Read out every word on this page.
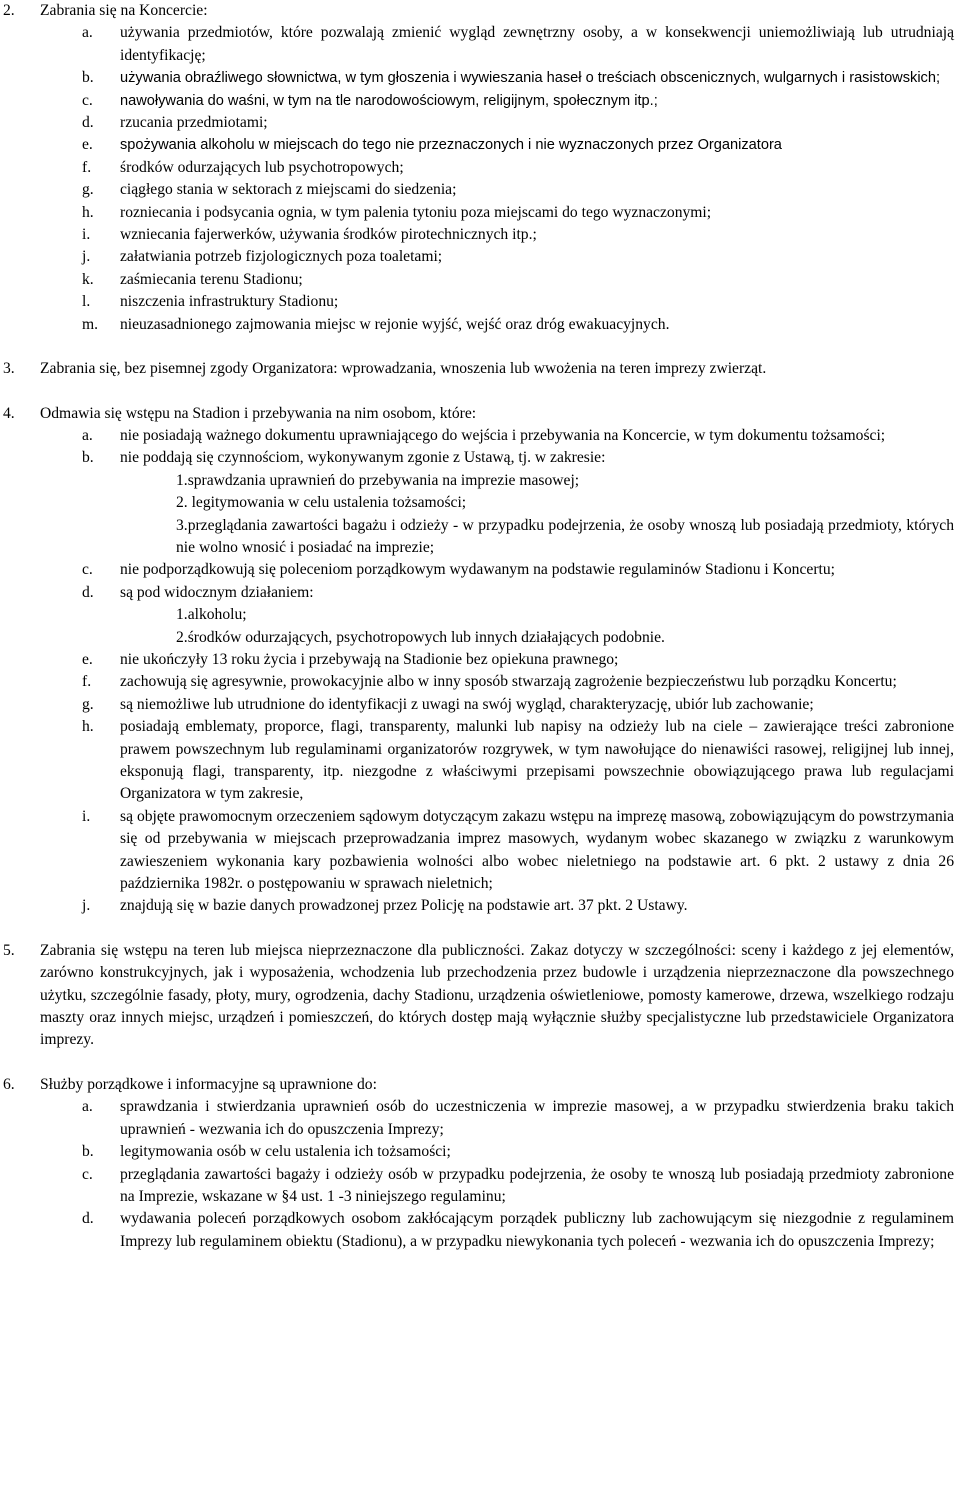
2. Zabrania się na Koncercie:
a. używania przedmiotów, które pozwalają zmienić wygląd zewnętrzny osoby, a w konsekwencji uniemożliwiają lub utrudniają identyfikację;
b. używania obraźliwego słownictwa, w tym głoszenia i wywieszania haseł o treściach obscenicznych, wulgarnych i rasistowskich;
c. nawoływania do waśni, w tym na tle narodowościowym, religijnym, społecznym itp.;
d. rzucania przedmiotami;
e. spożywania alkoholu w miejscach do tego nie przeznaczonych i nie wyznaczonych przez Organizatora
f. środków odurzających lub psychotropowych;
g. ciągłego stania w sektorach z miejscami do siedzenia;
h. rozniecania i podsycania ognia, w tym palenia tytoniu poza miejscami do tego wyznaczonymi;
i. wzniecania fajerwerków, używania środków pirotechnicznych itp.;
j. załatwiania potrzeb fizjologicznych poza toaletami;
k. zaśmiecania terenu Stadionu;
l. niszczenia infrastruktury Stadionu;
m. nieuzasadnionego zajmowania miejsc w rejonie wyjść, wejść oraz dróg ewakuacyjnych.
3. Zabrania się, bez pisemnej zgody Organizatora: wprowadzania, wnoszenia lub wwożenia na teren imprezy zwierząt.
4. Odmawia się wstępu na Stadion i przebywania na nim osobom, które:
a. nie posiadają ważnego dokumentu uprawniającego do wejścia i przebywania na Koncercie, w tym dokumentu tożsamości;
b. nie poddają się czynnościom, wykonywanym zgonie z Ustawą, tj. w zakresie:
1.sprawdzania uprawnień do przebywania na imprezie masowej;
2. legitymowania w celu ustalenia tożsamości;
3.przeglądania zawartości bagażu i odzieży - w przypadku podejrzenia, że osoby wnoszą lub posiadają przedmioty, których nie wolno wnosić i posiadać na imprezie;
c. nie podporządkowują się poleceniom porządkowym wydawanym na podstawie regulaminów Stadionu i Koncertu;
d. są pod widocznym działaniem:
1.alkoholu;
2.środków odurzających, psychotropowych lub innych działających podobnie.
e. nie ukończyły 13 roku życia i przebywają na Stadionie bez opiekuna prawnego;
f. zachowują się agresywnie, prowokacyjnie albo w inny sposób stwarzają zagrożenie bezpieczeństwu lub porządku Koncertu;
g. są niemożliwe lub utrudnione do identyfikacji z uwagi na swój wygląd, charakteryzację, ubiór lub zachowanie;
h. posiadają emblematy, proporce, flagi, transparenty, malunki lub napisy na odzieży lub na ciele – zawierające treści zabronione prawem powszechnym lub regulaminami organizatorów rozgrywek, w tym nawołujące do nienawiści rasowej, religijnej lub innej, eksponują flagi, transparenty, itp. niezgodne z właściwymi przepisami powszechnie obowiązującego prawa lub regulacjami Organizatora w tym zakresie,
i. są objęte prawomocnym orzeczeniem sądowym dotyczącym zakazu wstępu na imprezę masową, zobowiązującym do powstrzymania się od przebywania w miejscach przeprowadzania imprez masowych, wydanym wobec skazanego w związku z warunkowym zawieszeniem wykonania kary pozbawienia wolności albo wobec nieletniego na podstawie art. 6 pkt. 2 ustawy z dnia 26 października 1982r. o postępowaniu w sprawach nieletnich;
j. znajdują się w bazie danych prowadzonej przez Policję na podstawie art. 37 pkt. 2 Ustawy.
5. Zabrania się wstępu na teren lub miejsca nieprzeznaczone dla publiczności. Zakaz dotyczy w szczególności: sceny i każdego z jej elementów, zarówno konstrukcyjnych, jak i wyposażenia, wchodzenia lub przechodzenia przez budowle i urządzenia nieprzeznaczone dla powszechnego użytku, szczególnie fasady, płoty, mury, ogrodzenia, dachy Stadionu, urządzenia oświetleniowe, pomosty kamerowe, drzewa, wszelkiego rodzaju maszty oraz innych miejsc, urządzeń i pomieszczeń, do których dostęp mają wyłącznie służby specjalistyczne lub przedstawiciele Organizatora imprezy.
6. Służby porządkowe i informacyjne są uprawnione do:
a. sprawdzania i stwierdzania uprawnień osób do uczestniczenia w imprezie masowej, a w przypadku stwierdzenia braku takich uprawnień - wezwania ich do opuszczenia Imprezy;
b. legitymowania osób w celu ustalenia ich tożsamości;
c. przeglądania zawartości bagaży i odzieży osób w przypadku podejrzenia, że osoby te wnoszą lub posiadają przedmioty zabronione na Imprezie, wskazane w §4 ust. 1 -3 niniejszego regulaminu;
d. wydawania poleceń porządkowych osobom zakłócającym porządek publiczny lub zachowującym się niezgodnie z regulaminem Imprezy lub regulaminem obiektu (Stadionu), a w przypadku niewykonania tych poleceń - wezwania ich do opuszczenia Imprezy;
